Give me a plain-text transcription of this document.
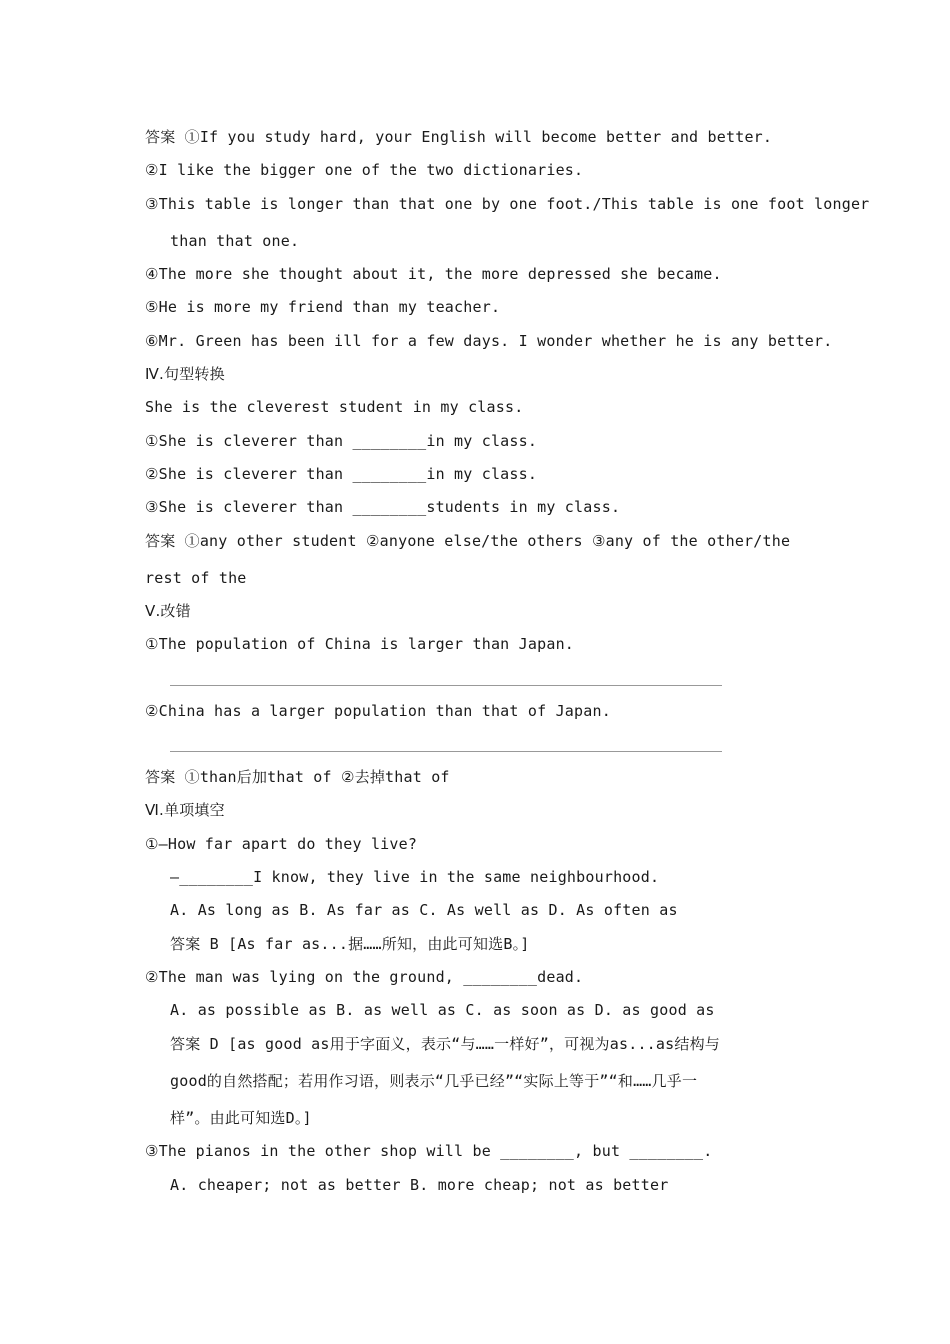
答案 ①If you study hard, your English will become better and better.
②I like the bigger one of the two dictionaries.
③This table is longer than that one by one foot./This table is one foot longer
than that one.
④The more she thought about it, the more depressed she became.
⑤He is more my friend than my teacher.
⑥Mr. Green has been ill for a few days. I wonder whether he is any better.
Ⅳ.句型转换
She is the cleverest student in my class.
①She is cleverer than ________in my class.
②She is cleverer than ________in my class.
③She is cleverer than ________students in my class.
答案 ①any other student ②anyone else/the others ③any of the other/the
rest of the
Ⅴ.改错
①The population of China is larger than Japan.
②China has a larger population than that of Japan.
答案 ①than后加that of ②去掉that of
Ⅵ.单项填空
①—How far apart do they live?
—________I know, they live in the same neighbourhood.
A. As long as B. As far as C. As well as D. As often as
答案 B [As far as...据……所知，由此可知选B。]
②The man was lying on the ground, ________dead.
A. as possible as B. as well as C. as soon as D. as good as
答案 D [as good as用于字面义，表示“与……一样好”，可视为as...as结构与
good的自然搭配；若用作习语，则表示“几乎已经”“实际上等于”“和……几乎一
样”。由此可知选D。]
③The pianos in the other shop will be ________, but ________.
A. cheaper; not as better B. more cheap; not as better
